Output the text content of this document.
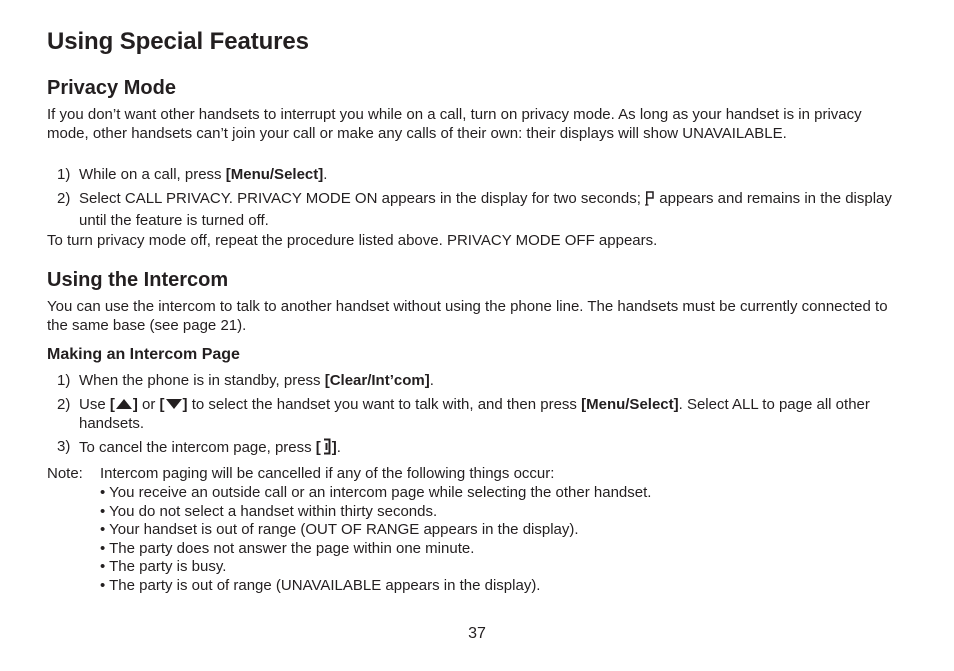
Using Special Features
Privacy Mode

If you don’t want other handsets to interrupt you while on a call, turn on privacy mode. As long as your handset is in privacy mode, other handsets can’t join your call or make any calls of their own: their displays will show UNAVAILABLE.

1) While on a call, press [Menu/Select].
2) Select CALL PRIVACY. PRIVACY MODE ON appears in the display for two seconds;  appears and remains in the display until the feature is turned off.

To turn privacy mode off, repeat the procedure listed above. PRIVACY MODE OFF appears.

Using the Intercom

You can use the intercom to talk to another handset without using the phone line. The handsets must be currently connected to the same base (see page 21).

Making an Intercom Page
1) When the phone is in standby, press [Clear/Int’com].
2) Use [ ] or [ ] to select the handset you want to talk with, and then press [Menu/Select]. Select ALL to page all other handsets.
3) To cancel the intercom page, press [ ].
Note: Intercom paging will be cancelled if any of the following things occur:
• You receive an outside call or an intercom page while selecting the other handset.
• You do not select a handset within thirty seconds.
• Your handset is out of range (OUT OF RANGE appears in the display).
• The party does not answer the page within one minute.
• The party is busy.
• The party is out of range (UNAVAILABLE appears in the display).
37
